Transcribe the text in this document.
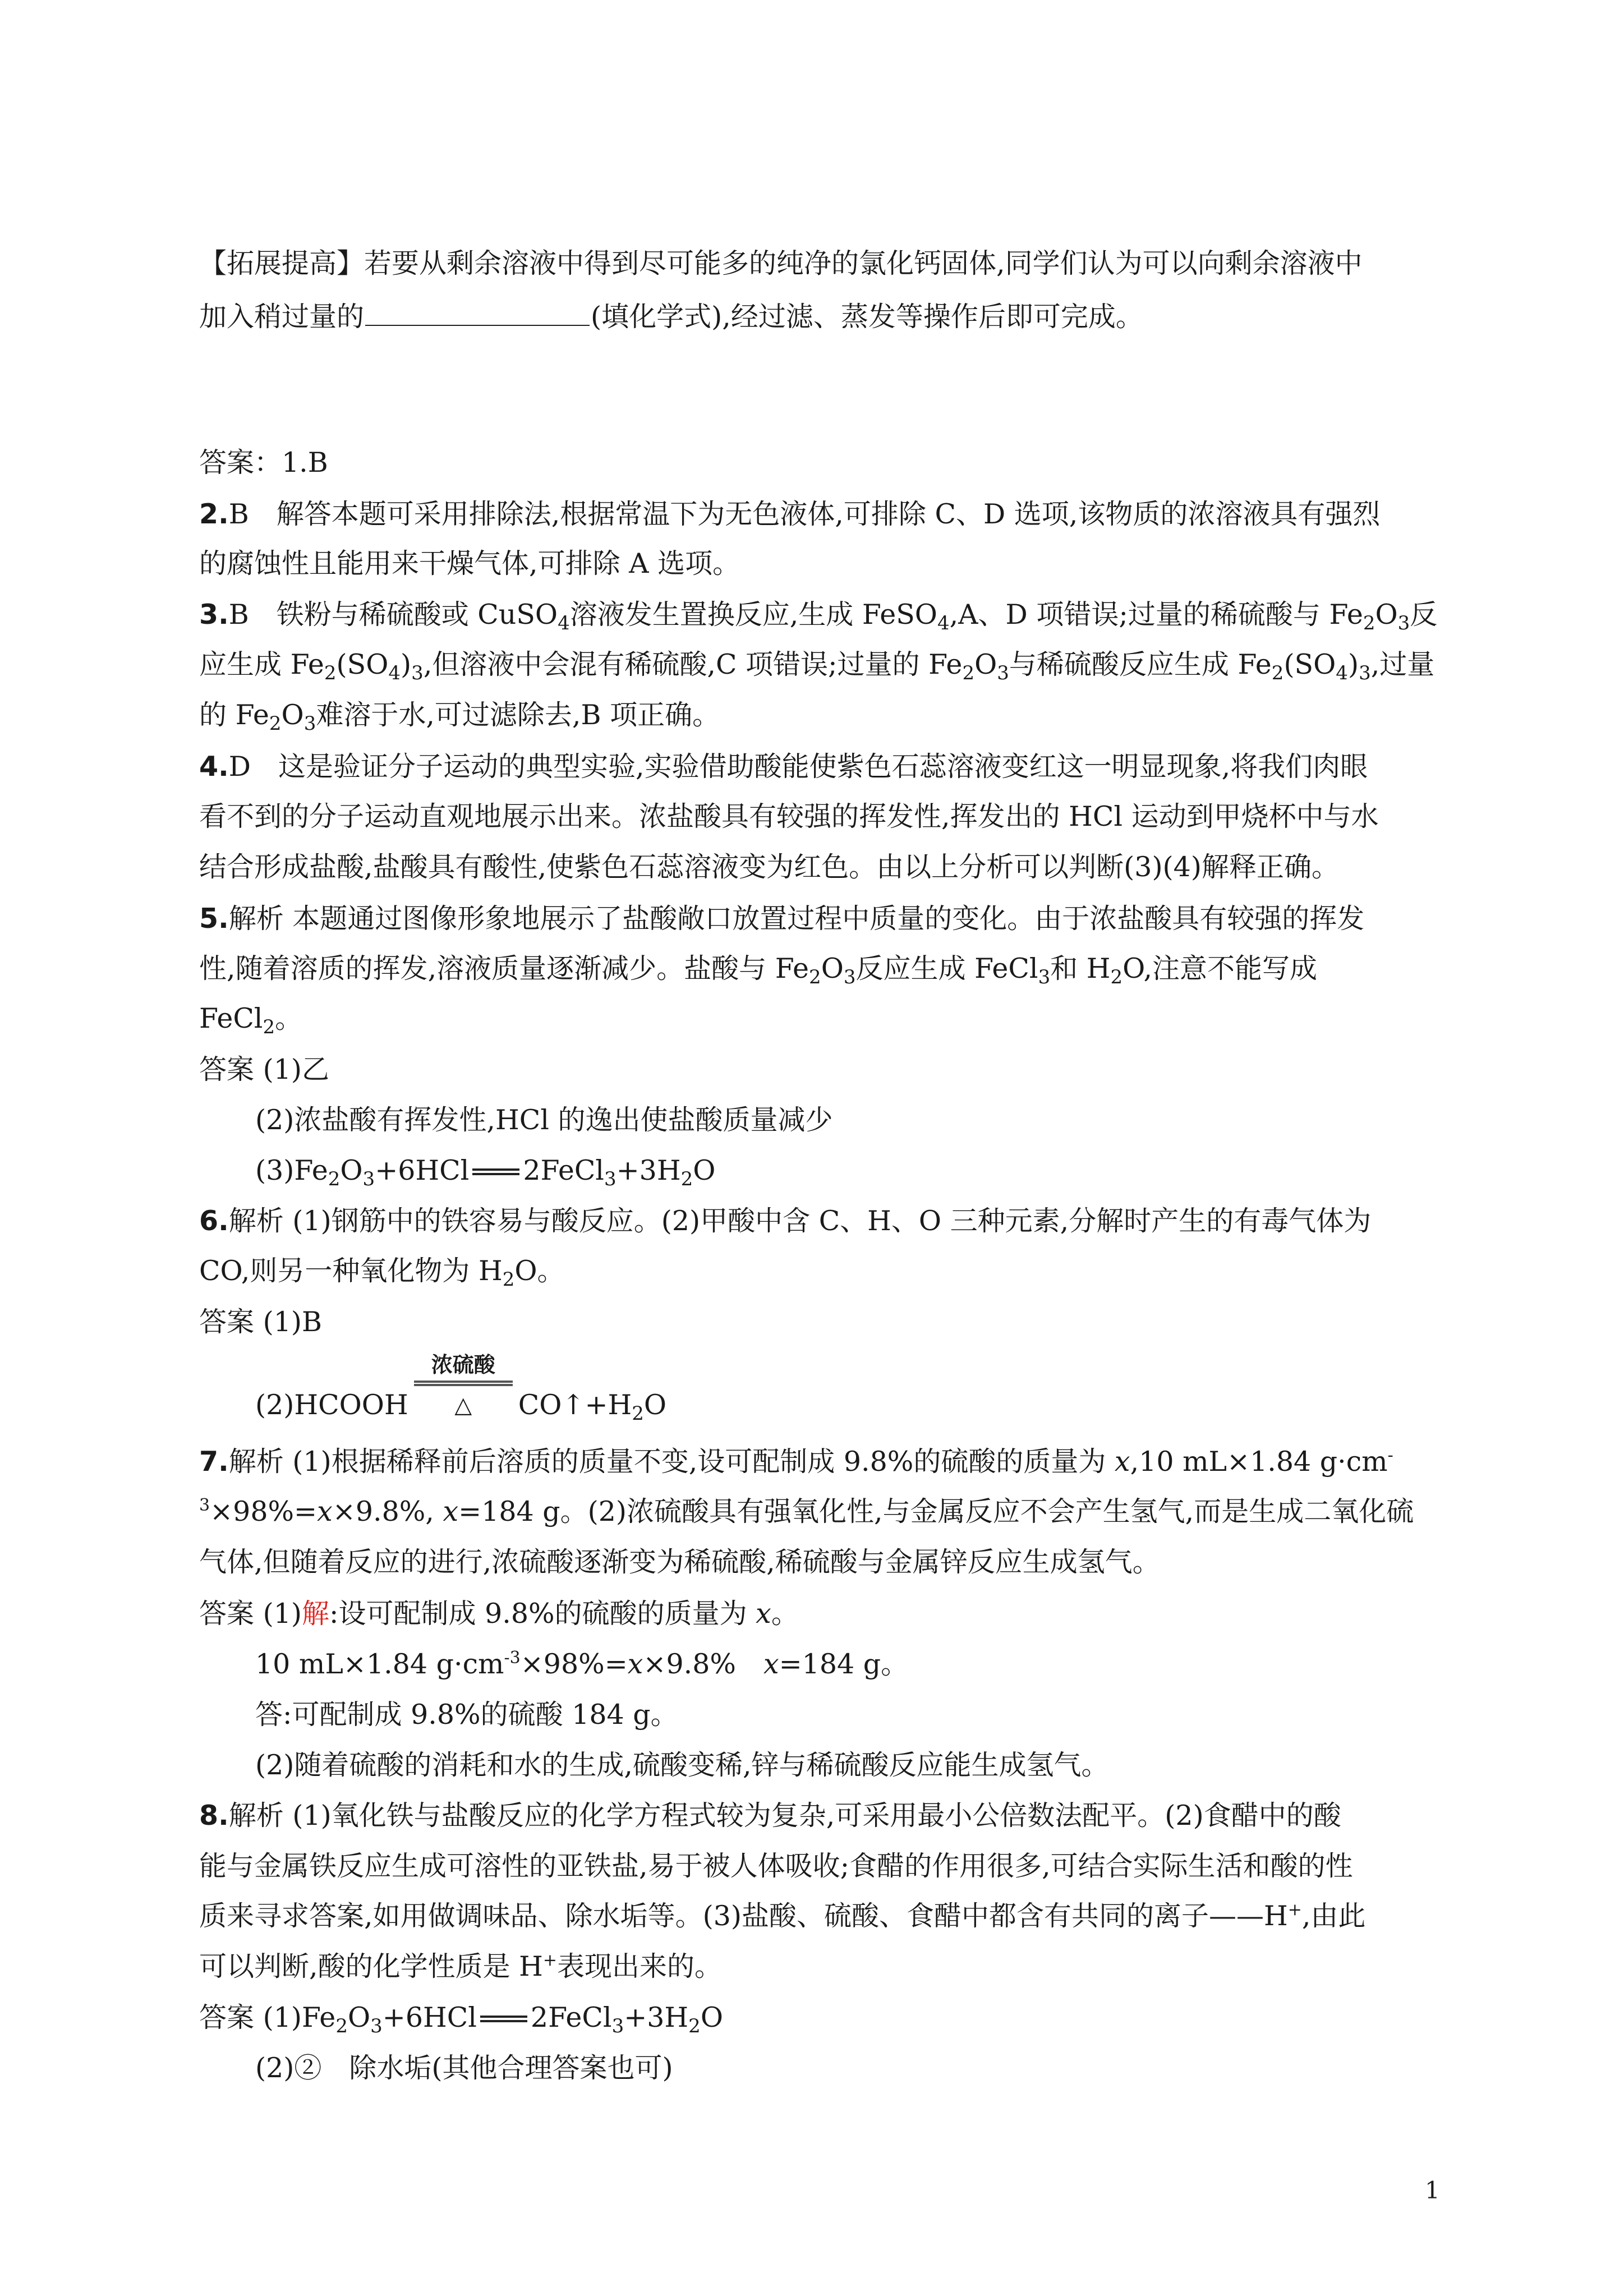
【拓展提高】若要从剩余溶液中得到尽可能多的纯净的氯化钙固体,同学们认为可以向剩余溶液中
加入稍过量的	(填化学式),经过滤、蒸发等操作后即可完成。
答案：1.B
2.B　解答本题可采用排除法,根据常温下为无色液体,可排除 C、D 选项,该物质的浓溶液具有强烈
的腐蚀性且能用来干燥气体,可排除 A 选项。
3.B　铁粉与稀硫酸或 CuSO$_4$溶液发生置换反应,生成 FeSO$_4$,A、D 项错误;过量的稀硫酸与 $Fe_2O_3$反
应生成 $Fe_2(SO_4)_3$,但溶液中会混有稀硫酸,C 项错误;过量的 $Fe_2O_3$与稀硫酸反应生成 $Fe_2(SO_4)_3$,过量
的 $Fe_2O_3$难溶于水,可过滤除去,B 项正确。
4.D　这是验证分子运动的典型实验,实验借助酸能使紫色石蕊溶液变红这一明显现象,将我们肉眼
看不到的分子运动直观地展示出来。浓盐酸具有较强的挥发性,挥发出的 HCl 运动到甲烧杯中与水
结合形成盐酸,盐酸具有酸性,使紫色石蕊溶液变为红色。由以上分析可以判断(3)(4)解释正确。
5.解析 本题通过图像形象地展示了盐酸敞口放置过程中质量的变化。由于浓盐酸具有较强的挥发
性,随着溶质的挥发,溶液质量逐渐减少。盐酸与 $Fe_2O_3$反应生成 FeCl$_3$和 $H_2O$,注意不能写成
FeCl$_2$。
答案 (1)乙
(2)浓盐酸有挥发性,HCl 的逸出使盐酸质量减少
$(3)Fe_2O_3+6HCl$ $2FeCl_3+3H_2O$
6.解析 (1)钢筋中的铁容易与酸反应。(2)甲酸中含 C、H、O 三种元素,分解时产生的有毒气体为
CO,则另一种氧化物为 $H_2O$。
答案 (1)B
(2)HCOOH
浓硫酸
△	$CO↑+H_2O$
7.解析 (1)根据稀释前后溶质的质量不变,设可配制成 9.8%的硫酸的质量为 x,10 mL×1.84 g·cm-
$^3$×98%=x×9.8%, x=184 g。(2)浓硫酸具有强氧化性,与金属反应不会产生氢气,而是生成二氧化硫
气体,但随着反应的进行,浓硫酸逐渐变为稀硫酸,稀硫酸与金属锌反应生成氢气。
答案 (1)解:设可配制成 9.8%的硫酸的质量为 x。
10 mL×1.84 $g\cdot cm^{-3}\times 98\%=x\times 9.8\%$　x=184 g。
答:可配制成 9.8%的硫酸 184 g。
(2)随着硫酸的消耗和水的生成,硫酸变稀,锌与稀硫酸反应能生成氢气。
8.解析 (1)氧化铁与盐酸反应的化学方程式较为复杂,可采用最小公倍数法配平。(2)食醋中的酸
能与金属铁反应生成可溶性的亚铁盐,易于被人体吸收;食醋的作用很多,可结合实际生活和酸的性
质来寻求答案,如用做调味品、除水垢等。(3)盐酸、硫酸、食醋中都含有共同的离子——H+,由此
可以判断,酸的化学性质是 H+表现出来的。
答案 $(1)Fe_2O_3+6HCl$ $2FeCl_3+3H_2O$
(2)②　除水垢(其他合理答案也可)
1
